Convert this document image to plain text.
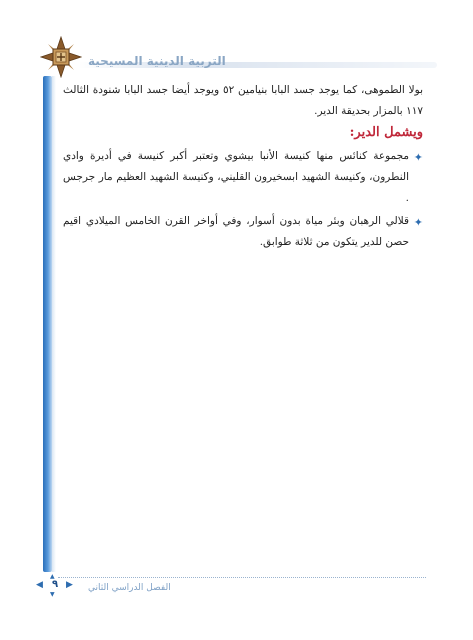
التربية الدينية المسيحية
بولا الطموهى، كما يوجد جسد البابا بنيامين ٥٢ ويوجد أيضا جسد البابا شنودة الثالث ١١٧ بالمزار بحديقة الدير.
ويشمل الدير:
✦
مجموعة كنائس منها كنيسة الأنبا بيشوي وتعتبر أكبر كنيسة في أديرة وادي النطرون، وكنيسة الشهيد ابسخيرون القليني، وكنيسة الشهيد العظيم مار جرجس .
✦
قلالي الرهبان وبئر مياة بدون أسوار، وفي أواخر القرن الخامس الميلادي اقيم حصن للدير يتكون من ثلاثة طوابق.
الفصل الدراسي الثاني
◀
▲
٩
▼
▶
